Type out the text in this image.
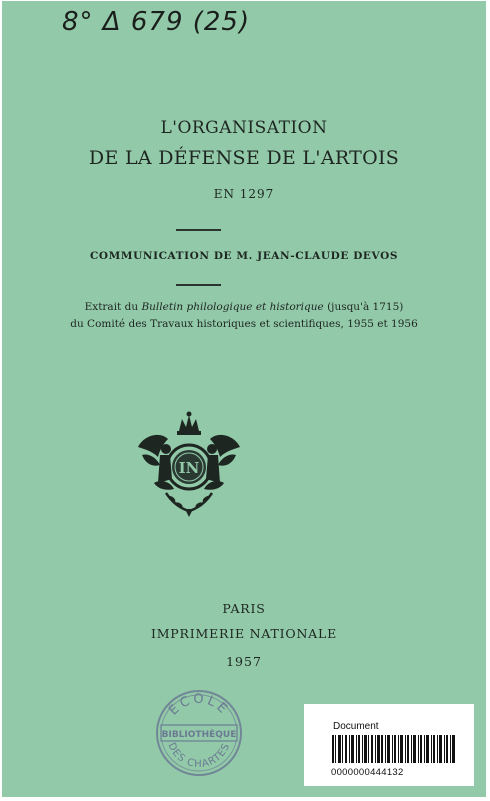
8° Δ 679 (25)
L'ORGANISATION
DE LA DÉFENSE DE L'ARTOIS
EN 1297
COMMUNICATION DE M. JEAN-CLAUDE DEVOS
Extrait du Bulletin philologique et historique (jusqu'à 1715)
du Comité des Travaux historiques et scientifiques, 1955 et 1956
IN
PARIS
IMPRIMERIE NATIONALE
1957
ÉCOLE
BIBLIOTHÈQUE
DES CHARTES
Document
0000000444132
